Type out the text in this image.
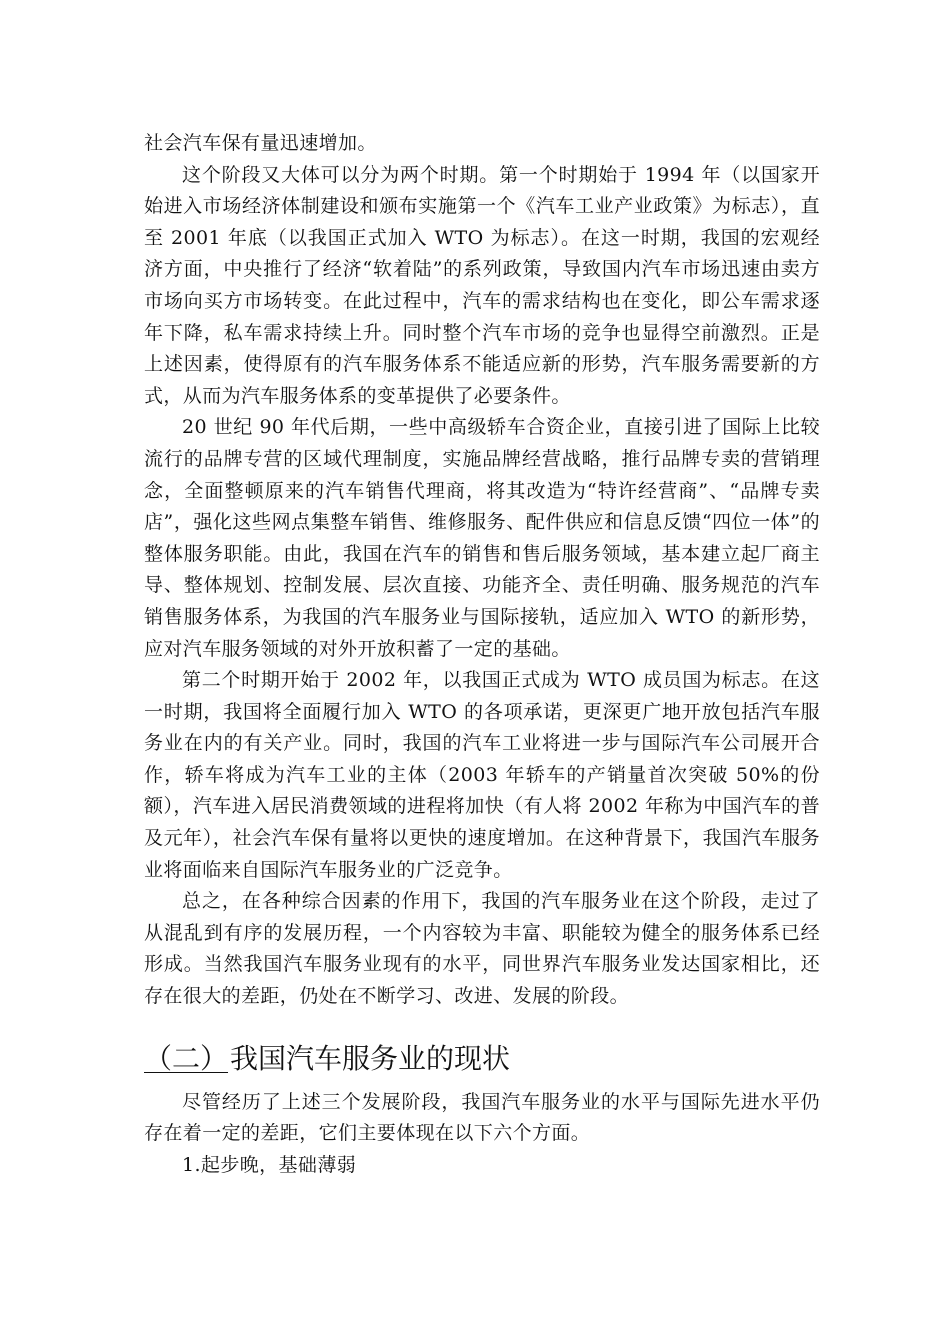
社会汽车保有量迅速增加。

这个阶段又大体可以分为两个时期。第一个时期始于 1994 年（以国家开始进入市场经济体制建设和颁布实施第一个《汽车工业产业政策》为标志），直至 2001 年底（以我国正式加入 WTO 为标志）。在这一时期，我国的宏观经济方面，中央推行了经济“软着陆”的系列政策，导致国内汽车市场迅速由卖方市场向买方市场转变。在此过程中，汽车的需求结构也在变化，即公车需求逐年下降，私车需求持续上升。同时整个汽车市场的竞争也显得空前激烈。正是上述因素，使得原有的汽车服务体系不能适应新的形势，汽车服务需要新的方式，从而为汽车服务体系的变革提供了必要条件。

20 世纪 90 年代后期，一些中高级轿车合资企业，直接引进了国际上比较流行的品牌专营的区域代理制度，实施品牌经营战略，推行品牌专卖的营销理念，全面整顿原来的汽车销售代理商，将其改造为“特许经营商”、“品牌专卖店”，强化这些网点集整车销售、维修服务、配件供应和信息反馈“四位一体”的整体服务职能。由此，我国在汽车的销售和售后服务领域，基本建立起厂商主导、整体规划、控制发展、层次直接、功能齐全、责任明确、服务规范的汽车销售服务体系，为我国的汽车服务业与国际接轨，适应加入 WTO 的新形势，应对汽车服务领域的对外开放积蓄了一定的基础。

第二个时期开始于 2002 年，以我国正式成为 WTO 成员国为标志。在这一时期，我国将全面履行加入 WTO 的各项承诺，更深更广地开放包括汽车服务业在内的有关产业。同时，我国的汽车工业将进一步与国际汽车公司展开合作，轿车将成为汽车工业的主体（2003 年轿车的产销量首次突破 50%的份额），汽车进入居民消费领域的进程将加快（有人将 2002 年称为中国汽车的普及元年），社会汽车保有量将以更快的速度增加。在这种背景下，我国汽车服务业将面临来自国际汽车服务业的广泛竞争。

总之，在各种综合因素的作用下，我国的汽车服务业在这个阶段，走过了从混乱到有序的发展历程，一个内容较为丰富、职能较为健全的服务体系已经形成。当然我国汽车服务业现有的水平，同世界汽车服务业发达国家相比，还存在很大的差距，仍处在不断学习、改进、发展的阶段。

（二）我国汽车服务业的现状

尽管经历了上述三个发展阶段，我国汽车服务业的水平与国际先进水平仍存在着一定的差距，它们主要体现在以下六个方面。

1.起步晚，基础薄弱
